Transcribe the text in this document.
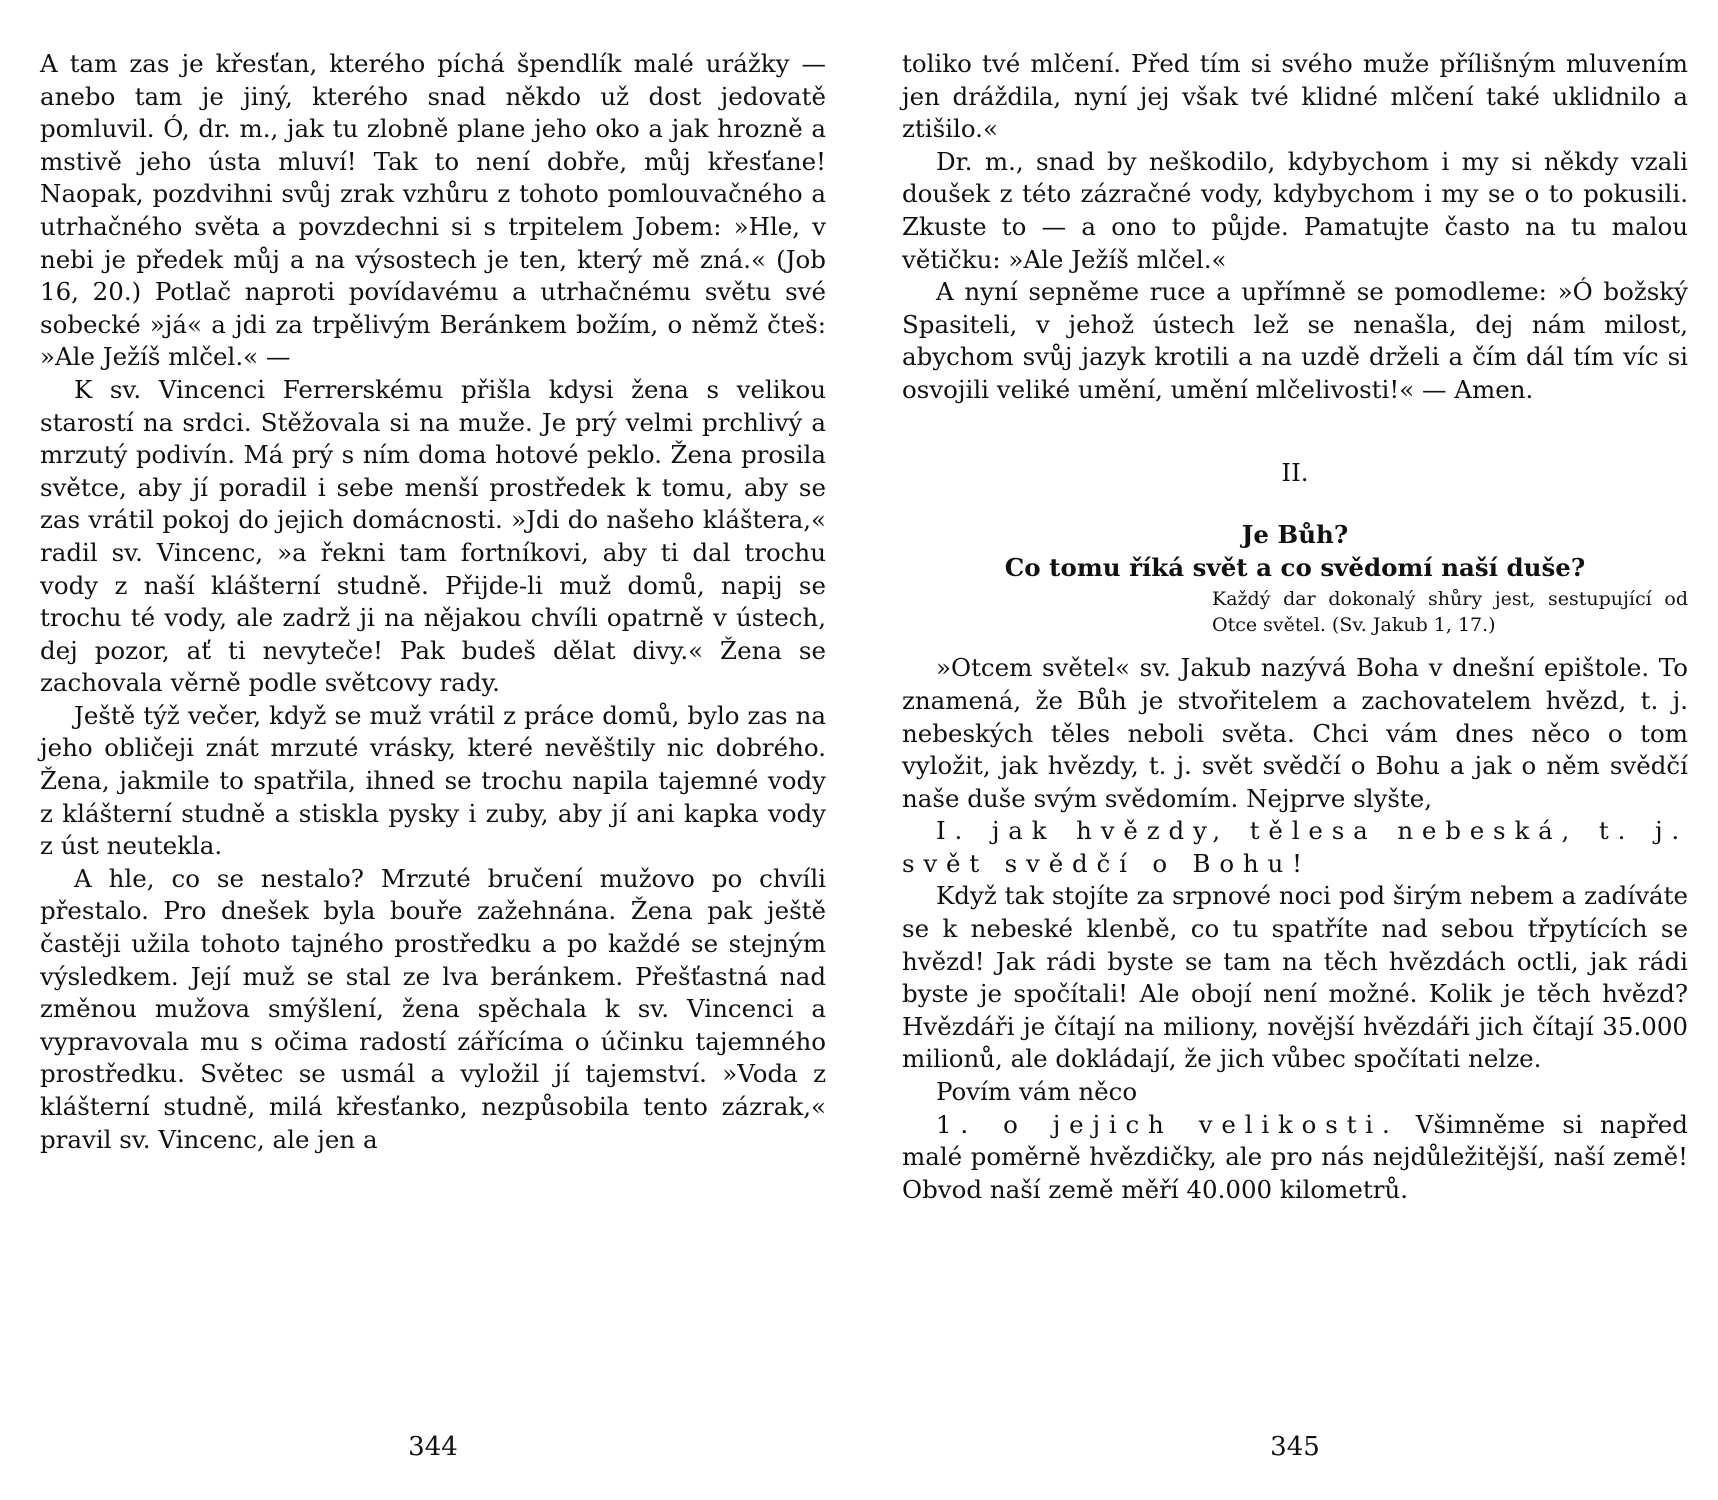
A tam zas je křesťan, kterého píchá špendlík malé urážky — anebo tam je jiný, kterého snad někdo už dost jedovatě pomluvil. Ó, dr. m., jak tu zlobně plane jeho oko a jak hrozně a mstivě jeho ústa mluví! Tak to není dobře, můj křesťane! Naopak, pozdvihni svůj zrak vzhůru z tohoto pomlouvačného a utrhačného světa a povzdechni si s trpitelem Jobem: »Hle, v nebi je předek můj a na výsostech je ten, který mě zná.« (Job 16, 20.) Potlač naproti povídavému a utrhačnému světu své sobecké »já« a jdi za trpělivým Beránkem božím, o němž čteš: »Ale Ježíš mlčel.« —

K sv. Vincenci Ferrerskému přišla kdysi žena s velikou starostí na srdci. Stěžovala si na muže. Je prý velmi prchlivý a mrzutý podivín. Má prý s ním doma hotové peklo. Žena prosila světce, aby jí poradil i sebe menší prostředek k tomu, aby se zas vrátil pokoj do jejich domácnosti. »Jdi do našeho kláštera,« radil sv. Vincenc, »a řekni tam fortníkovi, aby ti dal trochu vody z naší klášterní studně. Přijde-li muž domů, napij se trochu té vody, ale zadrž ji na nějakou chvíli opatrně v ústech, dej pozor, ať ti nevyteče! Pak budeš dělat divy.« Žena se zachovala věrně podle světcovy rady.

Ještě týž večer, když se muž vrátil z práce domů, bylo zas na jeho obličeji znát mrzuté vrásky, které nevěštily nic dobrého. Žena, jakmile to spatřila, ihned se trochu napila tajemné vody z klášterní studně a stiskla pysky i zuby, aby jí ani kapka vody z úst neutekla.

A hle, co se nestalo? Mrzuté bručení mužovo po chvíli přestalo. Pro dnešek byla bouře zažehnána. Žena pak ještě častěji užila tohoto tajného prostředku a po každé se stejným výsledkem. Její muž se stal ze lva beránkem. Přešťastná nad změnou mužova smýšlení, žena spěchala k sv. Vincenci a vypravovala mu s očima radostí zářícíma o účinku tajemného prostředku. Světec se usmál a vyložil jí tajemství. »Voda z klášterní studně, milá křesťanko, nezpůsobila tento zázrak,« pravil sv. Vincenc, ale jen a

344

toliko tvé mlčení. Před tím si svého muže přílišným mluvením jen dráždila, nyní jej však tvé klidné mlčení také uklidnilo a ztišilo.«

Dr. m., snad by neškodilo, kdybychom i my si někdy vzali doušek z této zázračné vody, kdybychom i my se o to pokusili. Zkuste to — a ono to půjde. Pamatujte často na tu malou větičku: »Ale Ježíš mlčel.«

A nyní sepněme ruce a upřímně se pomodleme: »Ó božský Spasiteli, v jehož ústech lež se nenašla, dej nám milost, abychom svůj jazyk krotili a na uzdě drželi a čím dál tím víc si osvojili veliké umění, umění mlčelivosti!« — Amen.

II.

Je Bůh?

Co tomu říká svět a co svědomí naší duše?

Každý dar dokonalý shůry jest, sestupující od Otce světel. (Sv. Jakub 1, 17.)

»Otcem světel« sv. Jakub nazývá Boha v dnešní epištole. To znamená, že Bůh je stvořitelem a zachovatelem hvězd, t. j. nebeských těles neboli světa. Chci vám dnes něco o tom vyložit, jak hvězdy, t. j. svět svědčí o Bohu a jak o něm svědčí naše duše svým svědomím. Nejprve slyšte,

I. jak hvězdy, tělesa nebeská, t. j. svět svědčí o Bohu!

Když tak stojíte za srpnové noci pod širým nebem a zadíváte se k nebeské klenbě, co tu spatříte nad sebou třpytících se hvězd! Jak rádi byste se tam na těch hvězdách octli, jak rádi byste je spočítali! Ale obojí není možné. Kolik je těch hvězd? Hvězdáři je čítají na miliony, novější hvězdáři jich čítají 35.000 milionů, ale dokládají, že jich vůbec spočítati nelze.

Povím vám něco

1. o jejich velikosti. Všimněme si napřed malé poměrně hvězdičky, ale pro nás nejdůležitější, naší země! Obvod naší země měří 40.000 kilometrů.

345
